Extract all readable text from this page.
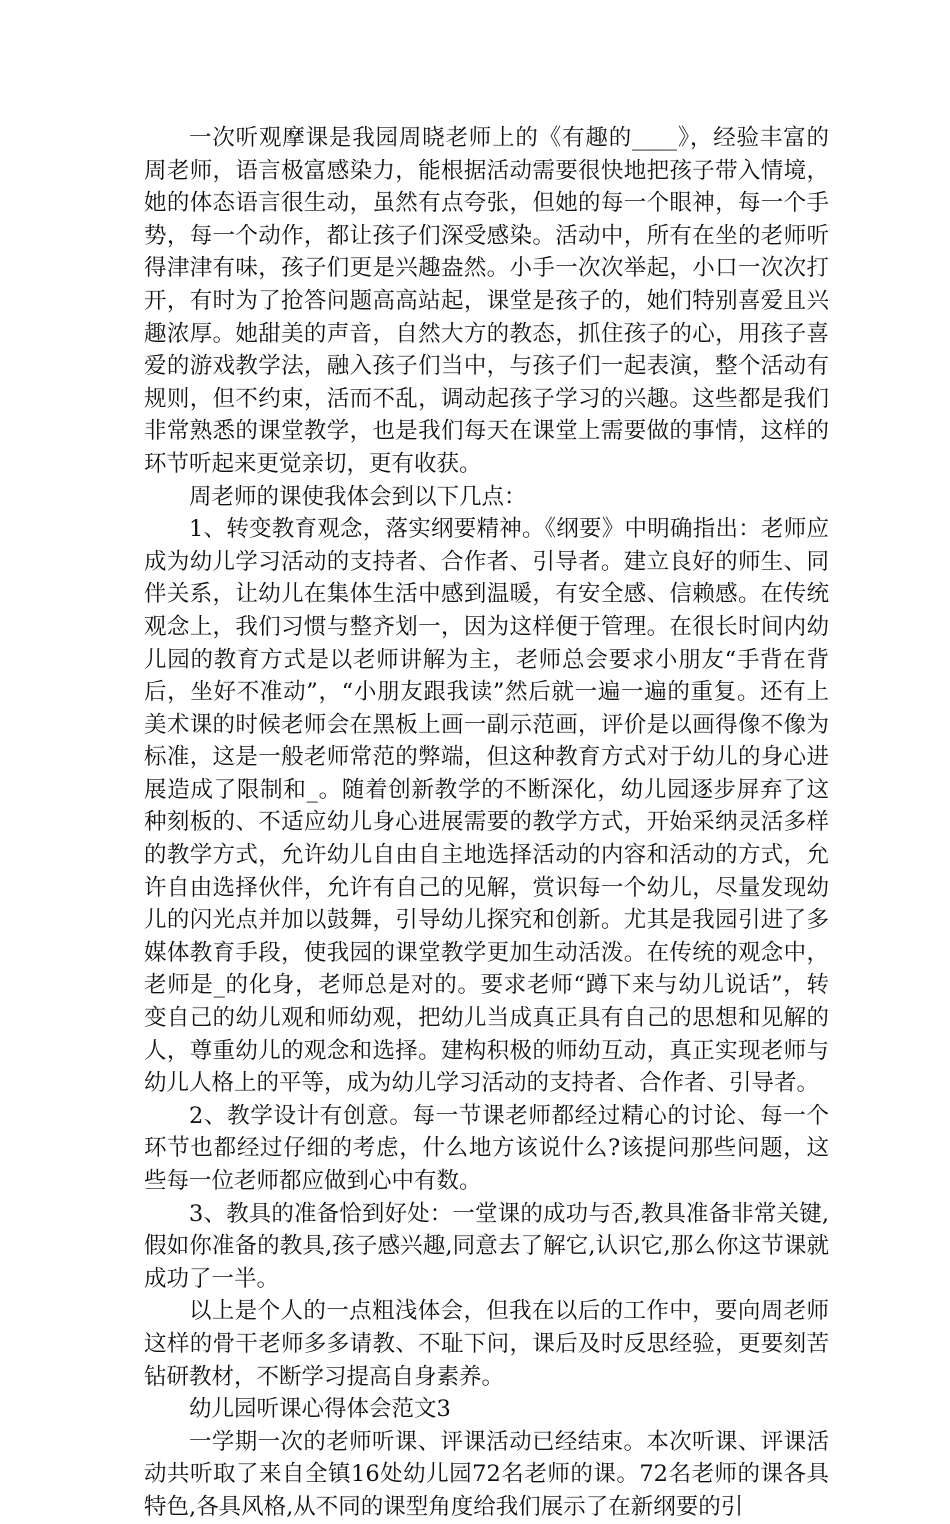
一次听观摩课是我园周晓老师上的《有趣的____》，经验丰富的周老师，语言极富感染力，能根据活动需要很快地把孩子带入情境，她的体态语言很生动，虽然有点夸张，但她的每一个眼神，每一个手势，每一个动作，都让孩子们深受感染。活动中，所有在坐的老师听得津津有味，孩子们更是兴趣盎然。小手一次次举起，小口一次次打开，有时为了抢答问题高高站起，课堂是孩子的，她们特别喜爱且兴趣浓厚。她甜美的声音，自然大方的教态，抓住孩子的心，用孩子喜爱的游戏教学法，融入孩子们当中，与孩子们一起表演，整个活动有规则，但不约束，活而不乱，调动起孩子学习的兴趣。这些都是我们非常熟悉的课堂教学，也是我们每天在课堂上需要做的事情，这样的环节听起来更觉亲切，更有收获。

周老师的课使我体会到以下几点：

1、转变教育观念，落实纲要精神。《纲要》中明确指出：老师应成为幼儿学习活动的支持者、合作者、引导者。建立良好的师生、同伴关系，让幼儿在集体生活中感到温暖，有安全感、信赖感。在传统观念上，我们习惯与整齐划一，因为这样便于管理。在很长时间内幼儿园的教育方式是以老师讲解为主，老师总会要求小朋友“手背在背后，坐好不准动”，“小朋友跟我读”然后就一遍一遍的重复。还有上美术课的时候老师会在黑板上画一副示范画，评价是以画得像不像为标准，这是一般老师常范的弊端，但这种教育方式对于幼儿的身心进展造成了限制和_。随着创新教学的不断深化，幼儿园逐步屏弃了这种刻板的、不适应幼儿身心进展需要的教学方式，开始采纳灵活多样的教学方式，允许幼儿自由自主地选择活动的内容和活动的方式，允许自由选择伙伴，允许有自己的见解，赏识每一个幼儿，尽量发现幼儿的闪光点并加以鼓舞，引导幼儿探究和创新。尤其是我园引进了多媒体教育手段，使我园的课堂教学更加生动活泼。在传统的观念中，老师是_的化身，老师总是对的。要求老师“蹲下来与幼儿说话”，转变自己的幼儿观和师幼观，把幼儿当成真正具有自己的思想和见解的人，尊重幼儿的观念和选择。建构积极的师幼互动，真正实现老师与幼儿人格上的平等，成为幼儿学习活动的支持者、合作者、引导者。

2、教学设计有创意。每一节课老师都经过精心的讨论、每一个环节也都经过仔细的考虑，什么地方该说什么?该提问那些问题，这些每一位老师都应做到心中有数。

3、教具的准备恰到好处：一堂课的成功与否,教具准备非常关键,假如你准备的教具,孩子感兴趣,同意去了解它,认识它,那么你这节课就成功了一半。

以上是个人的一点粗浅体会，但我在以后的工作中，要向周老师这样的骨干老师多多请教、不耻下问，课后及时反思经验，更要刻苦钻研教材，不断学习提高自身素养。

幼儿园听课心得体会范文3

一学期一次的老师听课、评课活动已经结束。本次听课、评课活动共听取了来自全镇16处幼儿园72名老师的课。72名老师的课各具特色,各具风格,从不同的课型角度给我们展示了在新纲要的引
